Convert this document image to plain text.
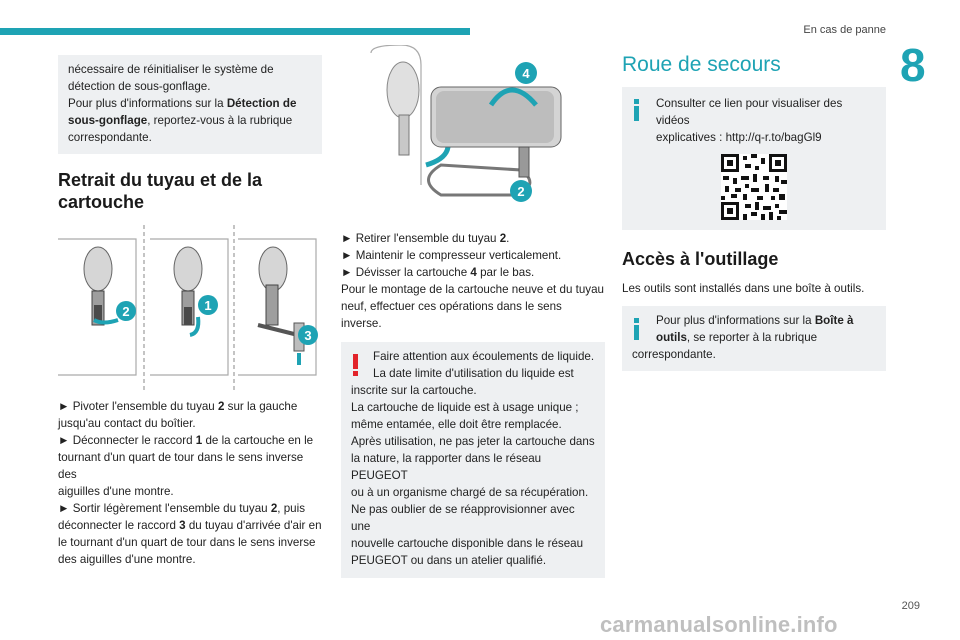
En cas de panne
8

nécessaire de réinitialiser le système de

détection de sous-gonflage.

Pour plus d'informations sur la Détection de

sous-gonflage, reportez-vous à la rubrique

correspondante.

Retrait du tuyau et de la
cartouche
2	1
3

► Pivoter l'ensemble du tuyau 2 sur la gauche

jusqu'au contact du boîtier.

► Déconnecter le raccord 1 de la cartouche en le

tournant d'un quart de tour dans le sens inverse des

aiguilles d'une montre.

► Sortir légèrement l'ensemble du tuyau 2, puis

déconnecter le raccord 3 du tuyau d'arrivée d'air en

le tournant d'un quart de tour dans le sens inverse

des aiguilles d'une montre.

4
2

► Retirer l'ensemble du tuyau 2.

► Maintenir le compresseur verticalement.

► Dévisser la cartouche 4 par le bas.

Pour le montage de la cartouche neuve et du tuyau

neuf, effectuer ces opérations dans le sens inverse.

Faire attention aux écoulements de liquide.

La date limite d'utilisation du liquide est

inscrite sur la cartouche.

La cartouche de liquide est à usage unique ;

même entamée, elle doit être remplacée.

Après utilisation, ne pas jeter la cartouche dans

la nature, la rapporter dans le réseau PEUGEOT

ou à un organisme chargé de sa récupération.

Ne pas oublier de se réapprovisionner avec une

nouvelle cartouche disponible dans le réseau

PEUGEOT ou dans un atelier qualifié.

Roue de secours

Consulter ce lien pour visualiser des vidéos

explicatives : http://q-r.to/bagGl9

Accès à l'outillage

Les outils sont installés dans une boîte à outils.

Pour plus d'informations sur la Boîte à

outils, se reporter à la rubrique

correspondante.

209
carmanualsonline.info
